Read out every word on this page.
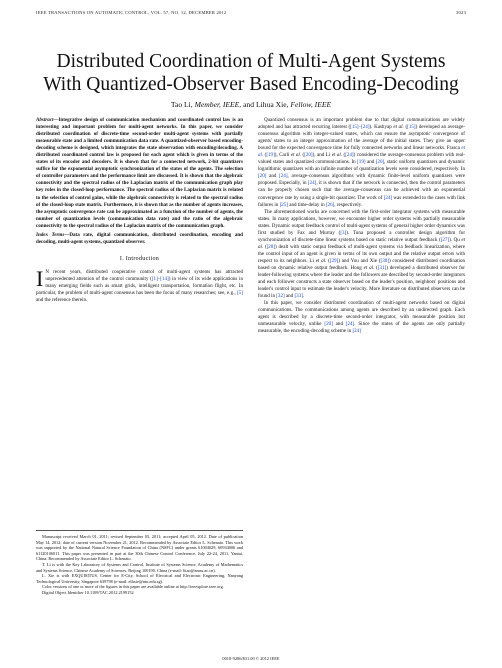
IEEE TRANSACTIONS ON AUTOMATIC CONTROL, VOL. 57, NO. 12, DECEMBER 2012	3023
Distributed Coordination of Multi-Agent Systems
With Quantized-Observer Based Encoding-Decoding
Tao Li, Member, IEEE, and Lihua Xie, Fellow, IEEE

Abstract—Integrative design of communication mechanism and coordinated control law is an interesting and important problem for multi-agent networks. In this paper, we consider distributed coordination of discrete-time second-order multi-agent systems with partially measurable state and a limited communication data rate. A quantized-observer based encoding-decoding scheme is designed, which integrates the state observation with encoding/decoding. A distributed coordinated control law is proposed for each agent which is given in terms of the states of its encoder and decoders. It is shown that for a connected network, 2-bit quantizers suffice for the exponential asymptotic synchronization of the states of the agents. The selection of controller parameters and the performance limit are discussed. It is shown that the algebraic connectivity and the spectral radius of the Laplacian matrix of the communication graph play key roles in the closed-loop performance. The spectral radius of the Laplacian matrix is related to the selection of control gains, while the algebraic connectivity is related to the spectral radius of the closed-loop state matrix. Furthermore, it is shown that as the number of agents increases, the asymptotic convergence rate can be approximated as a function of the number of agents, the number of quantization levels (communication data rate) and the ratio of the algebraic connectivity to the spectral radius of the Laplacian matrix of the communication graph.

Index Terms—Data rate, digital communication, distributed coordination, encoding and decoding, multi-agent systems, quantized observer.

I. Introduction

I N recent years, distributed cooperative control of multi-agent systems has attracted unprecedented attention of the control community ([1]–[14]) in view of its wide applications in many emerging fields such as smart grids, intelligent transportation, formation flight, etc. In particular, the problem of multi-agent consensus has been the focus of many researches; see, e.g., [5] and the reference therein.

Manuscript received March 01, 2011; revised September 03, 2011; accepted April 05, 2012. Date of publication May 14, 2012; date of current version November 21, 2012. Recommended by Associate Editor L. Schenato. This work was supported by the National Natural Science Foundation of China (NSFC) under grants 61004029, 60934006 and 61120106011. This paper was presented in part at the 30th Chinese Control Conference, July 22-24, 2011, Yantai, China. Recommended by Associate Editor L. Schenato.

T. Li is with the Key Laboratory of Systems and Control, Institute of Systems Science, Academy of Mathematics and Systems Science, Chinese Academy of Sciences, Beijing 100190, China (e-mail: litao@amss.ac.cn).

L. Xie is with EXQUISITUS, Center for E-City, School of Electrical and Electronic Engineering, Nanyang Technological University, Singapore 639798 (e-mail: elhxie@ntu.edu.sg).

Color versions of one or more of the figures in this paper are available online at http://ieeexplore.ieee.org.

Digital Object Identifier 10.1109/TAC.2012.2199152

Quantized consensus is an important problem due to that digital communications are widely adopted and has attracted recurring interest ([15]–[24]). Kashyap et al. ([15]) developed an average-consensus algorithm with integer-valued states, which can ensure the asymptotic convergence of agents' states to an integer approximation of the average of the initial states. They give an upper bound for the expected convergence time for fully connected networks and linear networks. Frasca et al. ([19]), Carli et al. ([20]), and Li et al. ([24]) considered the average-consensus problem with real-valued states and quantized communications. In [19] and [20], static uniform quantizers and dynamic logarithmic quantizers with an infinite number of quantization levels were considered, respectively. In [20] and [24], average-consensus algorithms with dynamic finite-level uniform quantizers were proposed. Especially, in [24], it is shown that if the network is connected, then the control parameters can be properly chosen such that the average-consensus can be achieved with an exponential convergence rate by using a single-bit quantizer. The work of [24] was extended to the cases with link failures in [25] and time-delay in [26], respectively.

The aforementioned works are concerned with the first-order integrator systems with measurable states. In many applications, however, we encounter higher order systems with partially measurable states. Dynamic output feedback control of multi-agent systems of general higher order dynamics was first studied by Fax and Murray ([3]). Tuna proposed a controller design algorithm for synchronization of discrete-time linear systems based on static relative output feedback ([27]). Qu et al. ([28]) dealt with static output feedback of multi-agent systems via feedback linearization, where the control input of an agent is given in terms of its own output and the relative output errors with respect to its neighbors. Li et al. ([29]) and You and Xie ([30]) considered distributed coordination based on dynamic relative output feedback. Hong et al. ([31]) developed a distributed observer for leader-following systems where the leader and the followers are described by second-order integrators and each follower constructs a state observer based on the leader's position, neighbors' positions and leader's control input to estimate the leader's velocity. More literature on distributed observers can be found in [32] and [33].

In this paper, we consider distributed coordination of multi-agent networks based on digital communications. The communications among agents are described by an undirected graph. Each agent is described by a discrete-time second-order integrator, with measurable position but unmeasurable velocity, unlike [20] and [24]. Since the states of the agents are only partially measurable, the encoding-decoding scheme in [24]

0018-9286/$31.00 © 2012 IEEE
